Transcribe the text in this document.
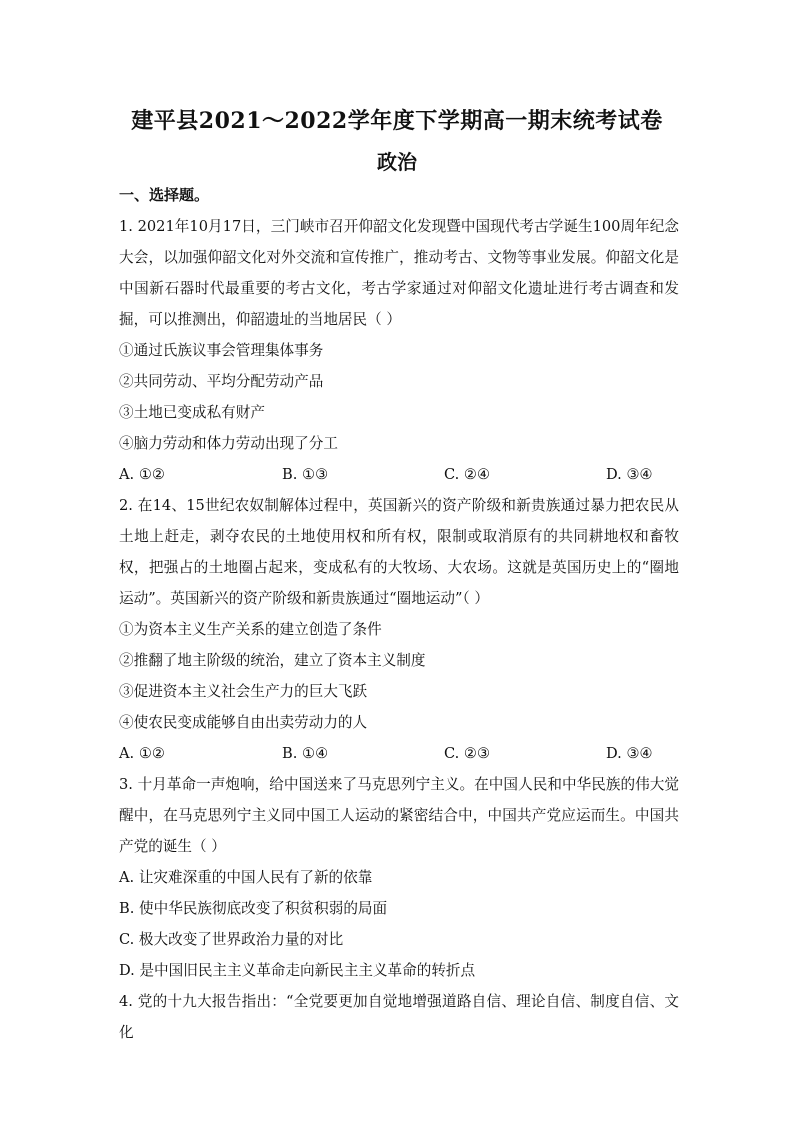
建平县2021～2022学年度下学期高一期末统考试卷
政治
一、选择题。

1. 2021年10月17日，三门峡市召开仰韶文化发现暨中国现代考古学诞生100周年纪念大会，以加强仰韶文化对外交流和宣传推广，推动考古、文物等事业发展。仰韶文化是中国新石器时代最重要的考古文化，考古学家通过对仰韶文化遗址进行考古调查和发掘，可以推测出，仰韶遗址的当地居民（ ）

①通过氏族议事会管理集体事务

②共同劳动、平均分配劳动产品

③土地已变成私有财产

④脑力劳动和体力劳动出现了分工

A. ①②	B. ①③	C. ②④	D. ③④

2. 在14、15世纪农奴制解体过程中，英国新兴的资产阶级和新贵族通过暴力把农民从土地上赶走，剥夺农民的土地使用权和所有权，限制或取消原有的共同耕地权和畜牧权，把强占的土地圈占起来，变成私有的大牧场、大农场。这就是英国历史上的“圈地运动”。英国新兴的资产阶级和新贵族通过“圈地运动”（ ）

①为资本主义生产关系的建立创造了条件

②推翻了地主阶级的统治，建立了资本主义制度

③促进资本主义社会生产力的巨大飞跃

④使农民变成能够自由出卖劳动力的人

A. ①②	B. ①④	C. ②③	D. ③④

3. 十月革命一声炮响，给中国送来了马克思列宁主义。在中国人民和中华民族的伟大觉醒中，在马克思列宁主义同中国工人运动的紧密结合中，中国共产党应运而生。中国共产党的诞生（ ）

A. 让灾难深重的中国人民有了新的依靠

B. 使中华民族彻底改变了积贫积弱的局面

C. 极大改变了世界政治力量的对比

D. 是中国旧民主主义革命走向新民主主义革命的转折点

4. 党的十九大报告指出：“全党要更加自觉地增强道路自信、理论自信、制度自信、文化
